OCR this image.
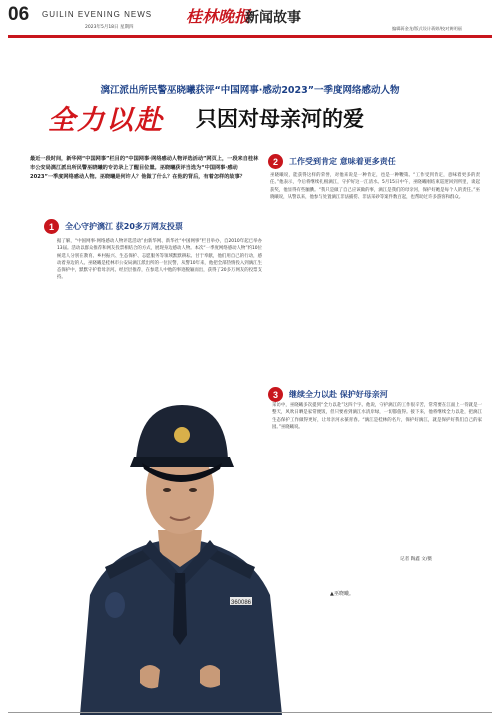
06 GUILIN EVENING NEWS
2023年5月18日 星期四
桂林晚报
新闻故事
编辑蒋金龙/版式设计蒋婷/校对黄明丽
漓江派出所民警巫晓曦获评“中国网事·感动2023”一季度网络感动人物
全力以赴 只因对母亲河的爱
最近一段时间，新华网“中国网事”栏目的“中国网事·网络感动人物评选活动”网页上，一段来自桂林市公安局漓江派出所民警巫晓曦的专访录上了醒目位置。巫晓曦获评当选为“中国网事·感动2023”一季度网络感动人物。巫晓曦是何许人？他做了什么？在他的背后，有着怎样的故事？
360086
1	全心守护漓江 获20多万网友投票
据了解，“中国网事·网络感动人物评选活动”由新华网、新华社“中国网事”栏目举办，自2010年起已举办13届。活动以群众推荐和网友投票相结合的方式，展现身边感动人物。本次“一季度网络感动人物”约10位候选人分别在教育、乡村振兴、生态保护、志愿服务等领域默默耕耘、甘于奉献，他们用自己的行动，感动着身边的人。巫晓曦是桂林市公安局漓江派出所的一位民警，从警10年来，他把全部热情投入到漓江生态保护中，默默守护着母亲河。经层层推荐，在参选人中他的事迹脱颖而出，获得了20多万网友的投票支持。
2	工作受到肯定 意味着更多责任
巫晓曦说，能获得这样的荣誉，对他来说是一种肯定，也是一种鞭策。“工作受到肯定，意味着更多的责任。”他表示，今后将继续扎根漓江，守护好这一江清水。5月15日中午，巫晓曦刚结束巡逻回到所里，谈起获奖，他显得有些腼腆。“我只是做了自己应该做的事，漓江是我们的母亲河，保护好她是每个人的责任。”巫晓曦说，从警以来，他参与处置漓江非法捕捞、非法采砂等案件数百起，也帮助过许多游客和群众。
3	继续全力以赴 保护好母亲河
采访中，巫晓曦多次提到“全力以赴”这四个字。他说，守护漓江的工作很辛苦，常常要在江面上一待就是一整天，风吹日晒是家常便饭，但只要看到漓江水清岸绿，一切都值得。接下来，他将继续全力以赴，把漓江生态保护工作做得更好，让母亲河永葆青春。“漓江是桂林的名片，保护好漓江，就是保护好我们自己的家园。”巫晓曦说。
记者 陶鑫 文/摄
▲巫晓曦。
